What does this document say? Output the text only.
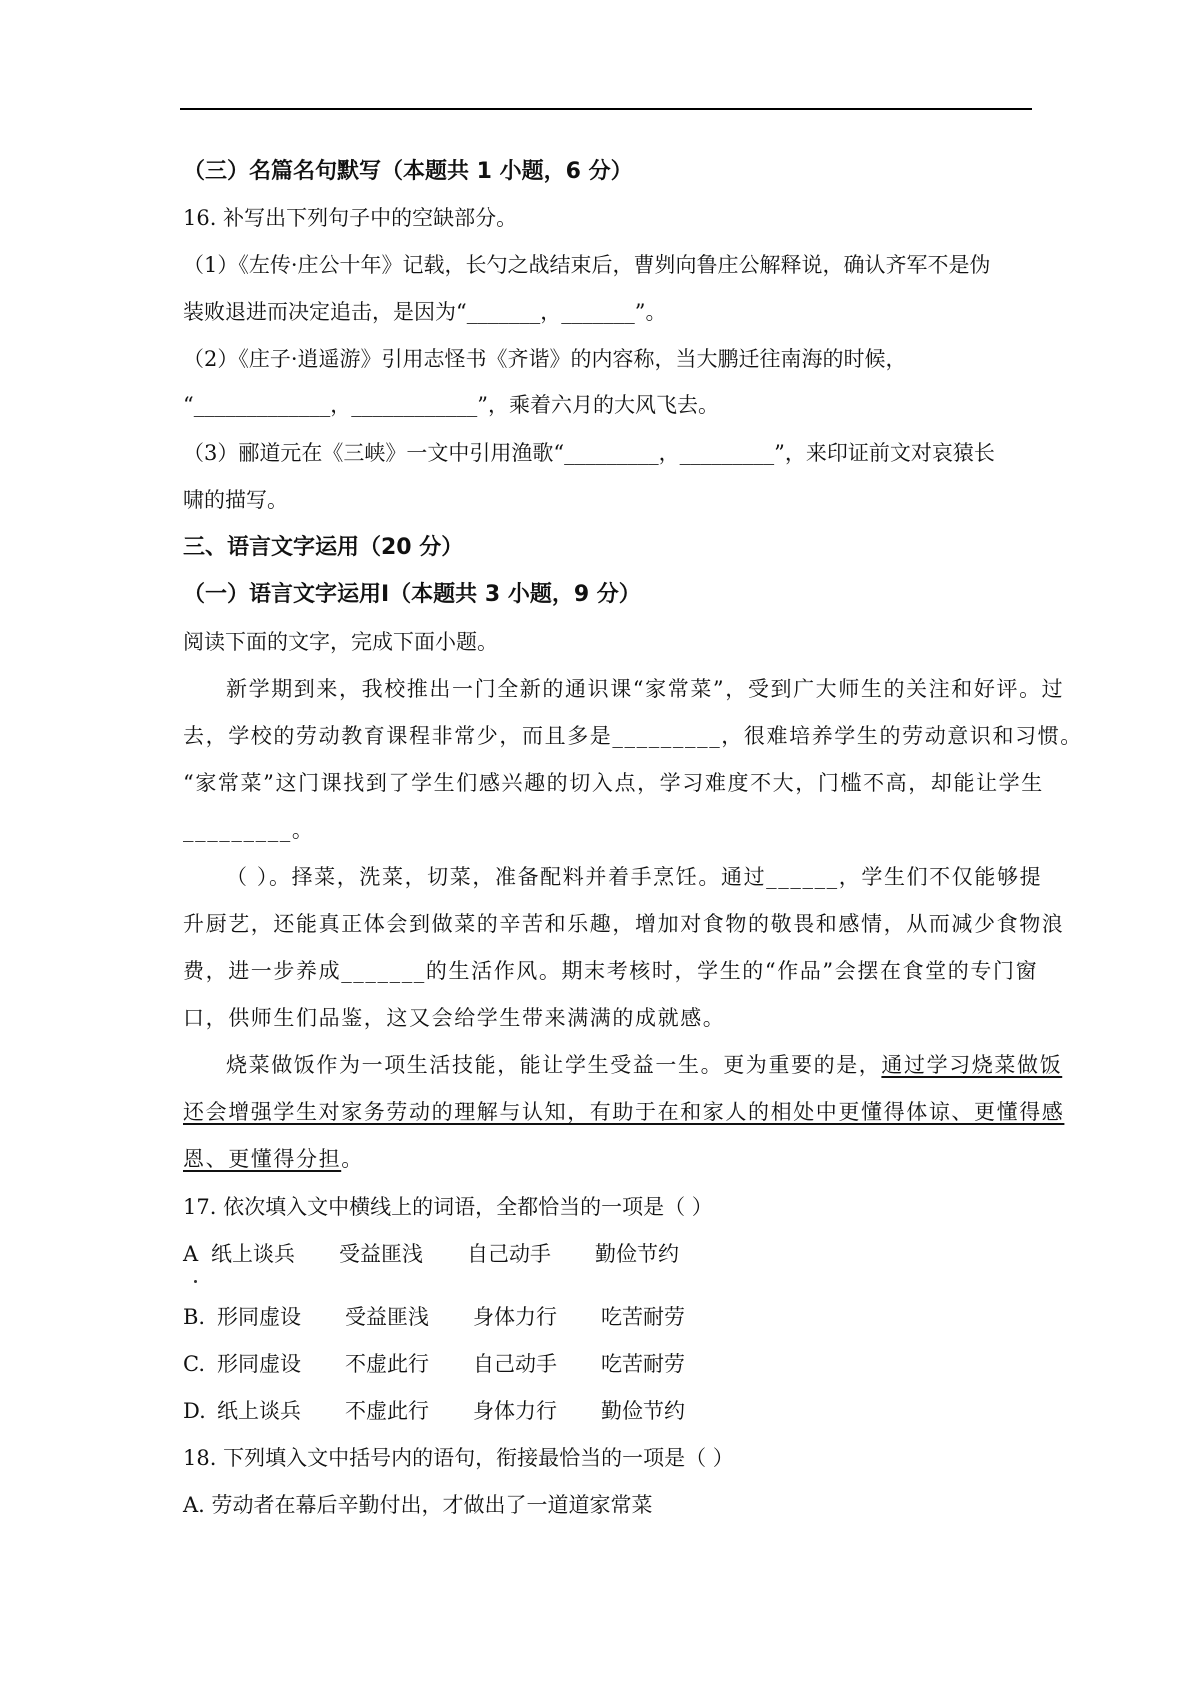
（三）名篇名句默写（本题共 1 小题，6 分）
16. 补写出下列句子中的空缺部分。
（1）《左传·庄公十年》记载，长勺之战结束后，曹刿向鲁庄公解释说，确认齐军不是伪
装败退进而决定追击，是因为“_______，_______”。
（2）《庄子·逍遥游》引用志怪书《齐谐》的内容称，当大鹏迁往南海的时候，
“_____________，____________”，乘着六月的大风飞去。
（3）郦道元在《三峡》一文中引用渔歌“_________，_________”，来印证前文对哀猿长
啸的描写。
三、语言文字运用（20 分）
（一）语言文字运用Ⅰ（本题共 3 小题，9 分）
阅读下面的文字，完成下面小题。
新学期到来，我校推出一门全新的通识课“家常菜”，受到广大师生的关注和好评。过
去，学校的劳动教育课程非常少，而且多是_________，很难培养学生的劳动意识和习惯。
“家常菜”这门课找到了学生们感兴趣的切入点，学习难度不大，门槛不高，却能让学生
_________。
（ ）。择菜，洗菜，切菜，准备配料并着手烹饪。通过______，学生们不仅能够提
升厨艺，还能真正体会到做菜的辛苦和乐趣，增加对食物的敬畏和感情，从而减少食物浪
费，进一步养成_______的生活作风。期末考核时，学生的“作品”会摆在食堂的专门窗
口，供师生们品鉴，这又会给学生带来满满的成就感。
烧菜做饭作为一项生活技能，能让学生受益一生。更为重要的是，通过学习烧菜做饭
还会增强学生对家务劳动的理解与认知，有助于在和家人的相处中更懂得体谅、更懂得感
恩、更懂得分担。
17. 依次填入文中横线上的词语，全都恰当的一项是（ ）
A 纸上谈兵 受益匪浅 自己动手 勤俭节约
B. 形同虚设 受益匪浅 身体力行 吃苦耐劳
C. 形同虚设 不虚此行 自己动手 吃苦耐劳
D. 纸上谈兵 不虚此行 身体力行 勤俭节约
18. 下列填入文中括号内的语句，衔接最恰当的一项是（ ）
A. 劳动者在幕后辛勤付出，才做出了一道道家常菜
